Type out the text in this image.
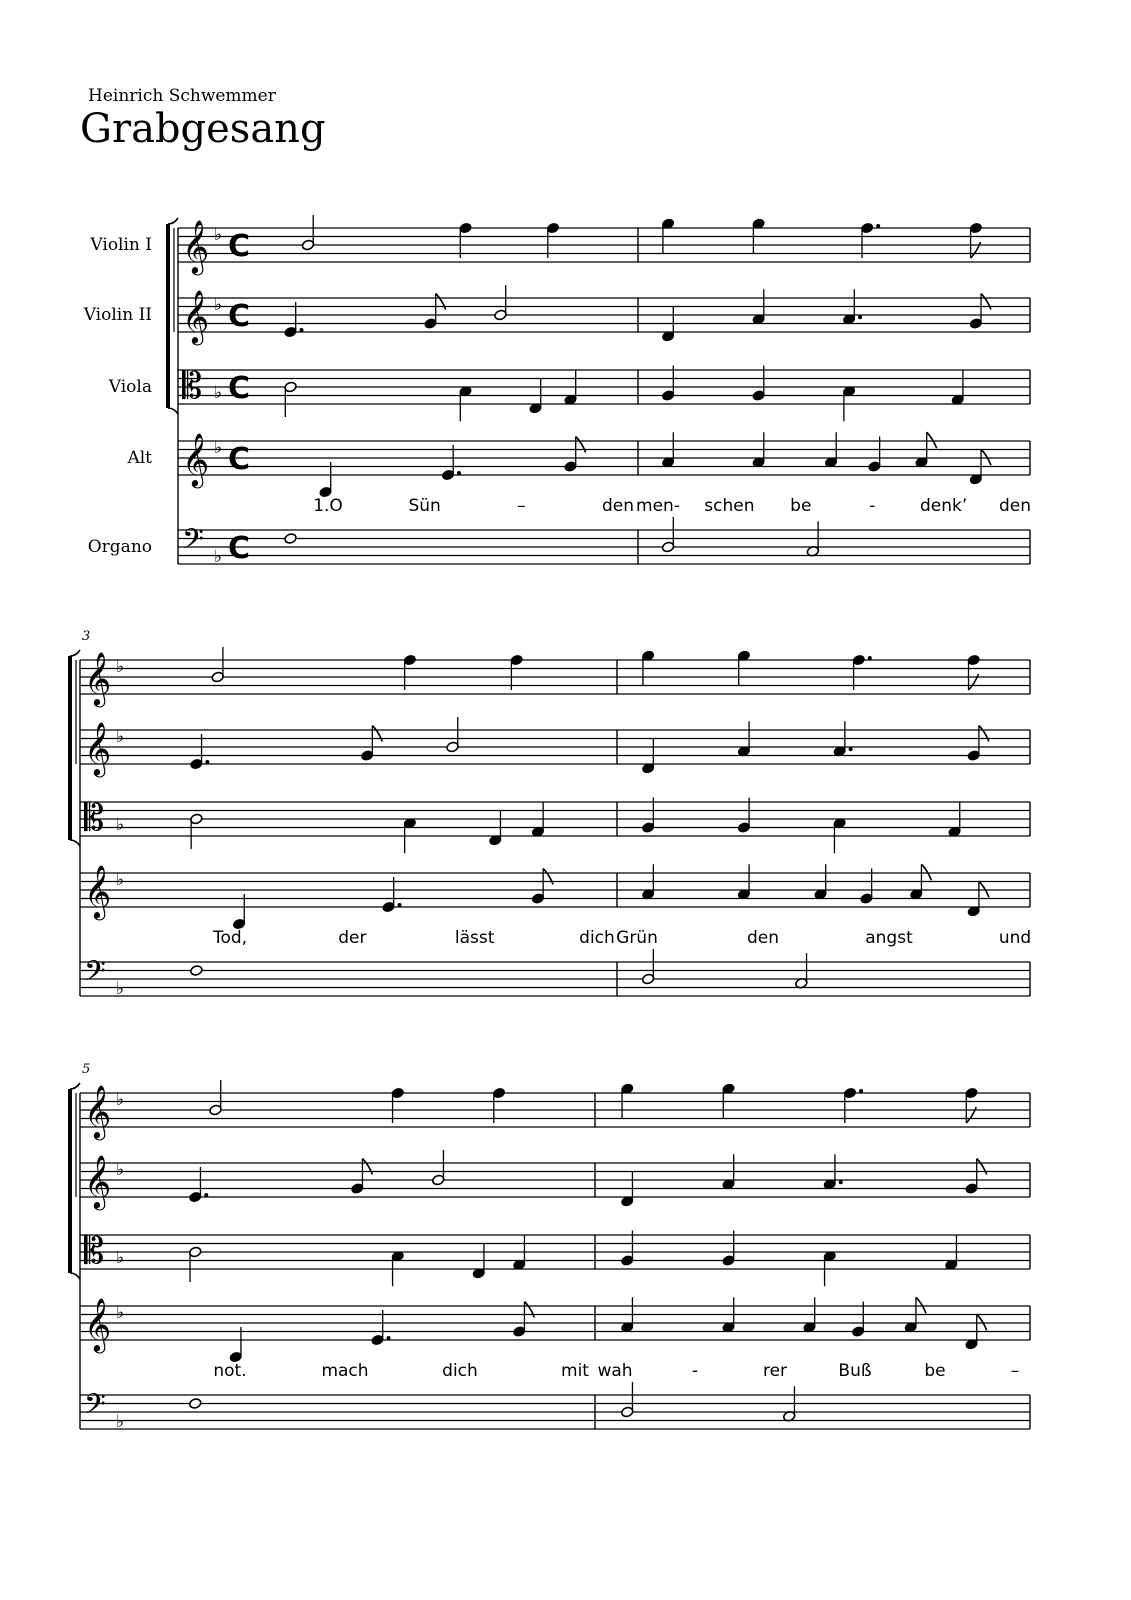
Heinrich Schwemmer
Grabgesang
𝄞 ♭ C
𝄞 ♭ C
𝄡 ♭ C
𝄞 ♭ C
𝄢 ♭ C
Violin I
Violin II
Viola
Alt
Organo
1.O	Sün	–	den men- schen be	-	denk’ den
𝄞 ♭
𝄞 ♭
𝄡 ♭
𝄞 ♭
𝄢 ♭
3
Tod,	der	lässt	dich Grün	den	angst	und
𝄞 ♭
𝄞 ♭
𝄡 ♭
𝄞 ♭
𝄢 ♭
5
not.	mach	dich	mit wah	-	rer	Buß	be	–
